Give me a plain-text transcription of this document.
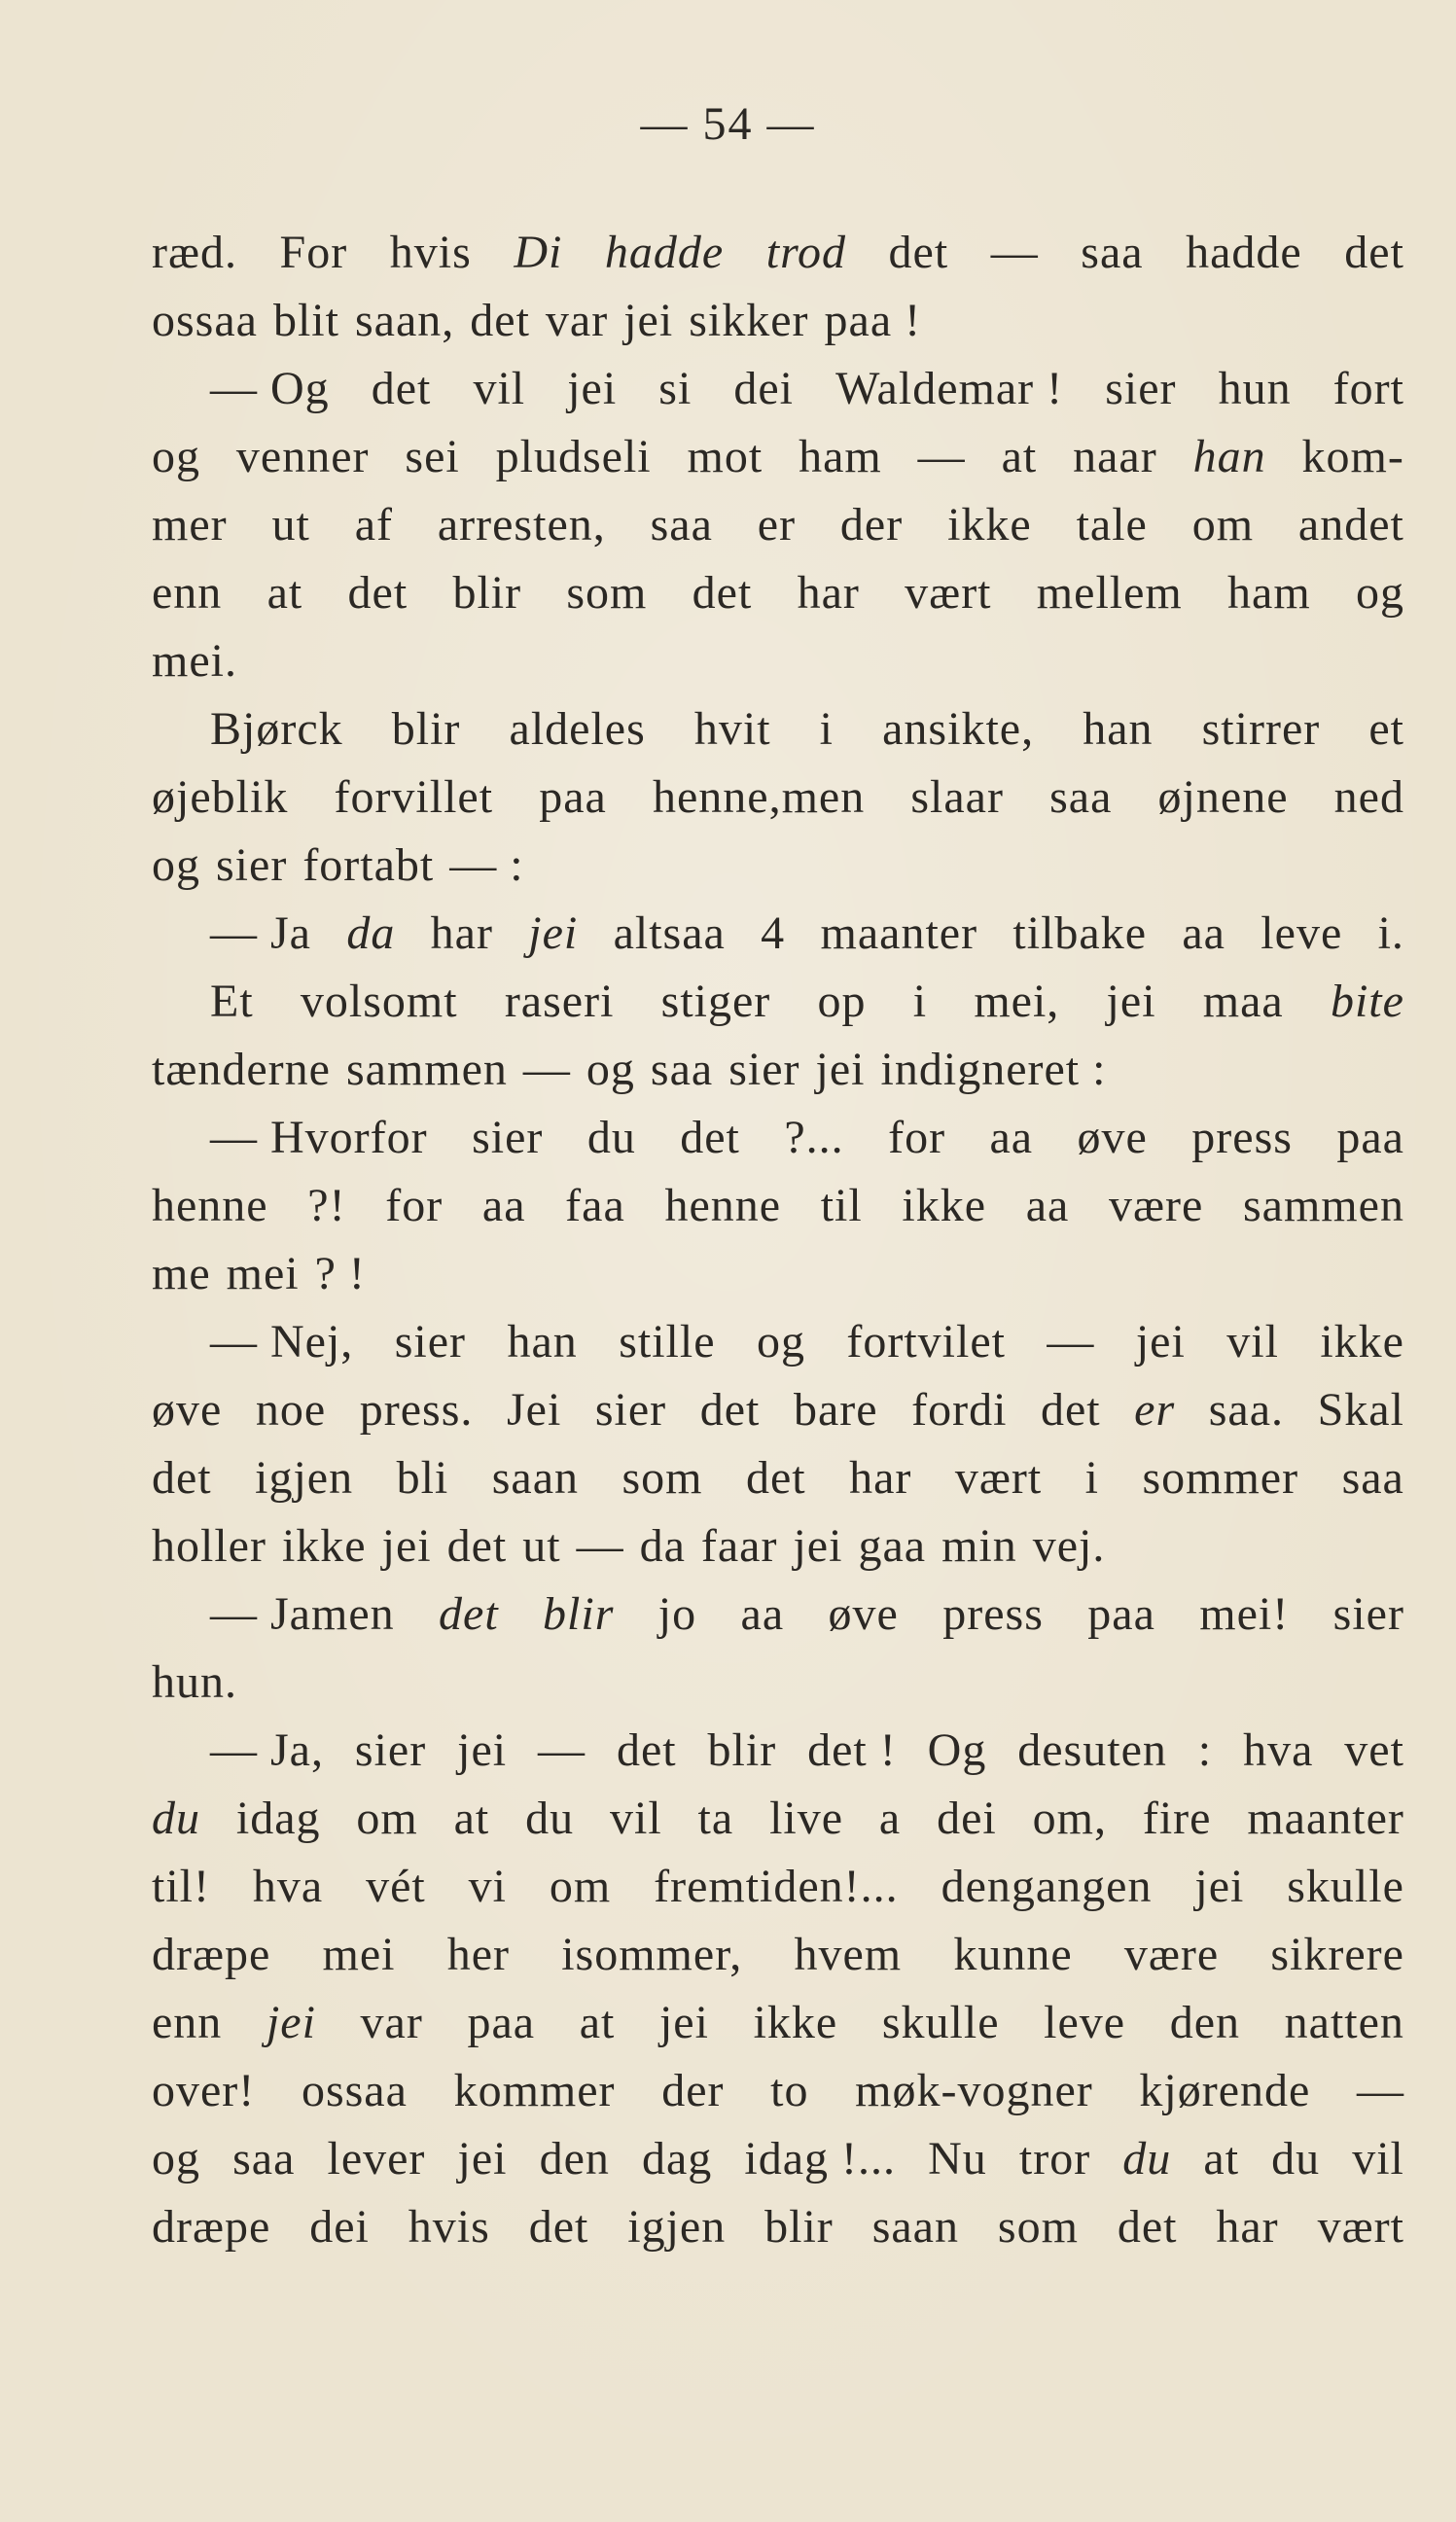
— 54 —
ræd. For hvis Di hadde trod det — saa hadde det
ossaa blit saan, det var jei sikker paa !
— Og det vil jei si dei Waldemar ! sier hun fort
og venner sei pludseli mot ham — at naar han kom-
mer ut af arresten, saa er der ikke tale om andet
enn at det blir som det har vært mellem ham og
mei.
Bjørck blir aldeles hvit i ansikte, han stirrer et
øjeblik forvillet paa henne,men slaar saa øjnene ned
og sier fortabt — :
— Ja da har jei altsaa 4 maanter tilbake aa leve i.
Et volsomt raseri stiger op i mei, jei maa bite
tænderne sammen — og saa sier jei indigneret :
— Hvorfor sier du det ?... for aa øve press paa
henne ?! for aa faa henne til ikke aa være sammen
me mei ? !
— Nej, sier han stille og fortvilet — jei vil ikke
øve noe press. Jei sier det bare fordi det er saa. Skal
det igjen bli saan som det har vært i sommer saa
holler ikke jei det ut — da faar jei gaa min vej.
— Jamen det blir jo aa øve press paa mei! sier
hun.
— Ja, sier jei — det blir det ! Og desuten : hva vet
du idag om at du vil ta live a dei om, fire maanter
til! hva vét vi om fremtiden!... dengangen jei skulle
dræpe mei her isommer, hvem kunne være sikrere
enn jei var paa at jei ikke skulle leve den natten
over! ossaa kommer der to møk-vogner kjørende —
og saa lever jei den dag idag !... Nu tror du at du vil
dræpe dei hvis det igjen blir saan som det har vært
